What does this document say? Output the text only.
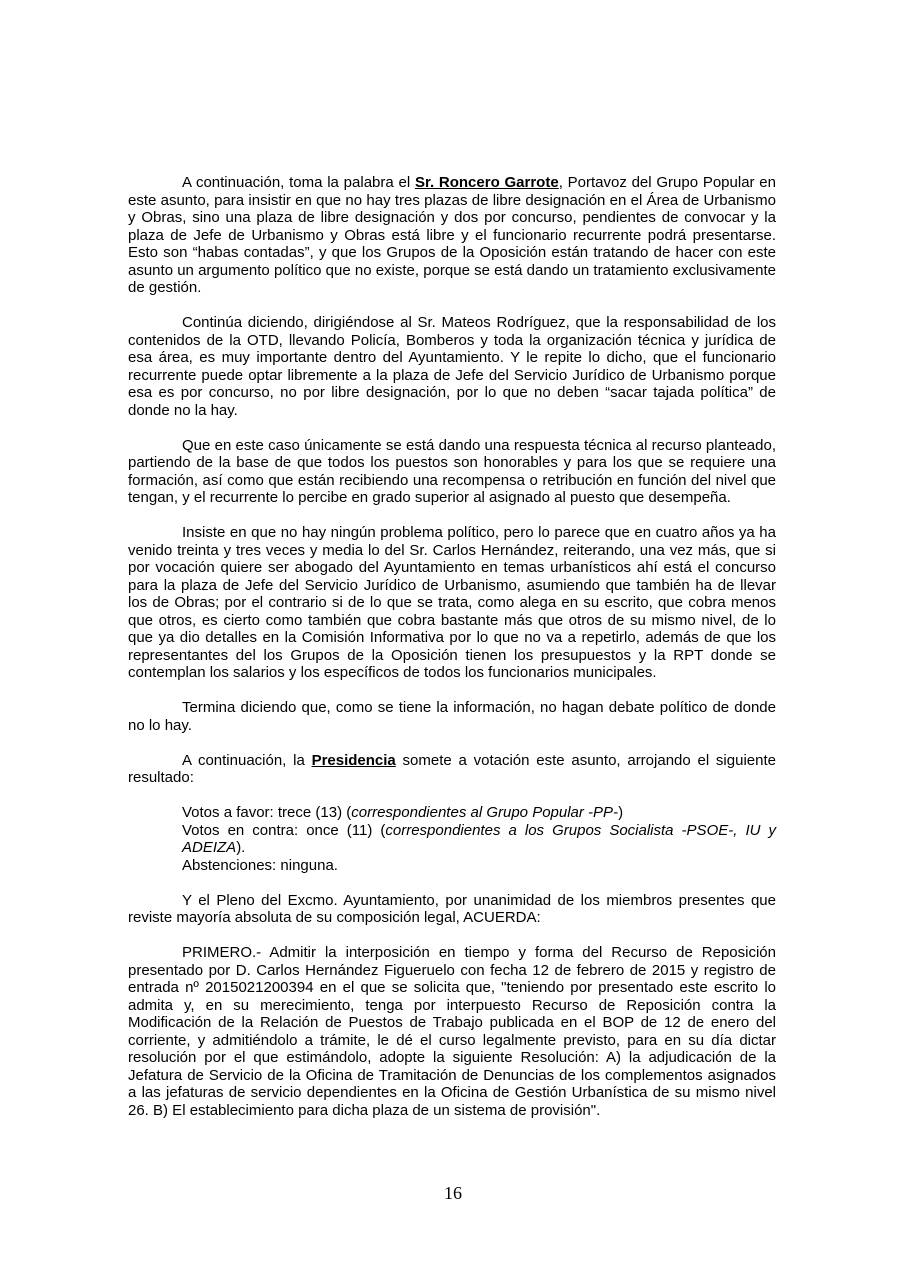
A continuación, toma la palabra el Sr. Roncero Garrote, Portavoz del Grupo Popular en este asunto, para insistir en que no hay tres plazas de libre designación en el Área de Urbanismo y Obras, sino una plaza de libre designación y dos por concurso, pendientes de convocar y la plaza de Jefe de Urbanismo y Obras está libre y el funcionario recurrente podrá presentarse. Esto son “habas contadas”, y que los Grupos de la Oposición están tratando de hacer con este asunto un argumento político que no existe, porque se está dando un tratamiento exclusivamente de gestión.

Continúa diciendo, dirigiéndose al Sr. Mateos Rodríguez, que la responsabilidad de los contenidos de la OTD, llevando Policía, Bomberos y toda la organización técnica y jurídica de esa área, es muy importante dentro del Ayuntamiento. Y le repite lo dicho, que el funcionario recurrente puede optar libremente a la plaza de Jefe del Servicio Jurídico de Urbanismo porque esa es por concurso, no por libre designación, por lo que no deben “sacar tajada política” de donde no la hay.

Que en este caso únicamente se está dando una respuesta técnica al recurso planteado, partiendo de la base de que todos los puestos son honorables y para los que se requiere una formación, así como que están recibiendo una recompensa o retribución en función del nivel que tengan, y el recurrente lo percibe en grado superior al asignado al puesto que desempeña.

Insiste en que no hay ningún problema político, pero lo parece que en cuatro años ya ha venido treinta y tres veces y media lo del Sr. Carlos Hernández, reiterando, una vez más, que si por vocación quiere ser abogado del Ayuntamiento en temas urbanísticos ahí está el concurso para la plaza de Jefe del Servicio Jurídico de Urbanismo, asumiendo que también ha de llevar los de Obras; por el contrario si de lo que se trata, como alega en su escrito, que cobra menos que otros, es cierto como también que cobra bastante más que otros de su mismo nivel, de lo que ya dio detalles en la Comisión Informativa por lo que no va a repetirlo, además de que los representantes del los Grupos de la Oposición tienen los presupuestos y la RPT donde se contemplan los salarios y los específicos de todos los funcionarios municipales.

Termina diciendo que, como se tiene la información, no hagan debate político de donde no lo hay.

A continuación, la Presidencia somete a votación este asunto, arrojando el siguiente resultado:

Votos a favor: trece (13) (correspondientes al Grupo Popular -PP-)

Votos en contra: once (11) (correspondientes a los Grupos Socialista -PSOE-, IU y ADEIZA).

Abstenciones: ninguna.

Y el Pleno del Excmo. Ayuntamiento, por unanimidad de los miembros presentes que reviste mayoría absoluta de su composición legal, ACUERDA:

PRIMERO.- Admitir la interposición en tiempo y forma del Recurso de Reposición presentado por D. Carlos Hernández Figueruelo con fecha 12 de febrero de 2015 y registro de entrada nº 2015021200394 en el que se solicita que, "teniendo por presentado este escrito lo admita y, en su merecimiento, tenga por interpuesto Recurso de Reposición contra la Modificación de la Relación de Puestos de Trabajo publicada en el BOP de 12 de enero del corriente, y admitiéndolo a trámite, le dé el curso legalmente previsto, para en su día dictar resolución por el que estimándolo, adopte la siguiente Resolución: A) la adjudicación de la Jefatura de Servicio de la Oficina de Tramitación de Denuncias de los complementos asignados a las jefaturas de servicio dependientes en la Oficina de Gestión Urbanística de su mismo nivel 26. B) El establecimiento para dicha plaza de un sistema de provisión".

16
